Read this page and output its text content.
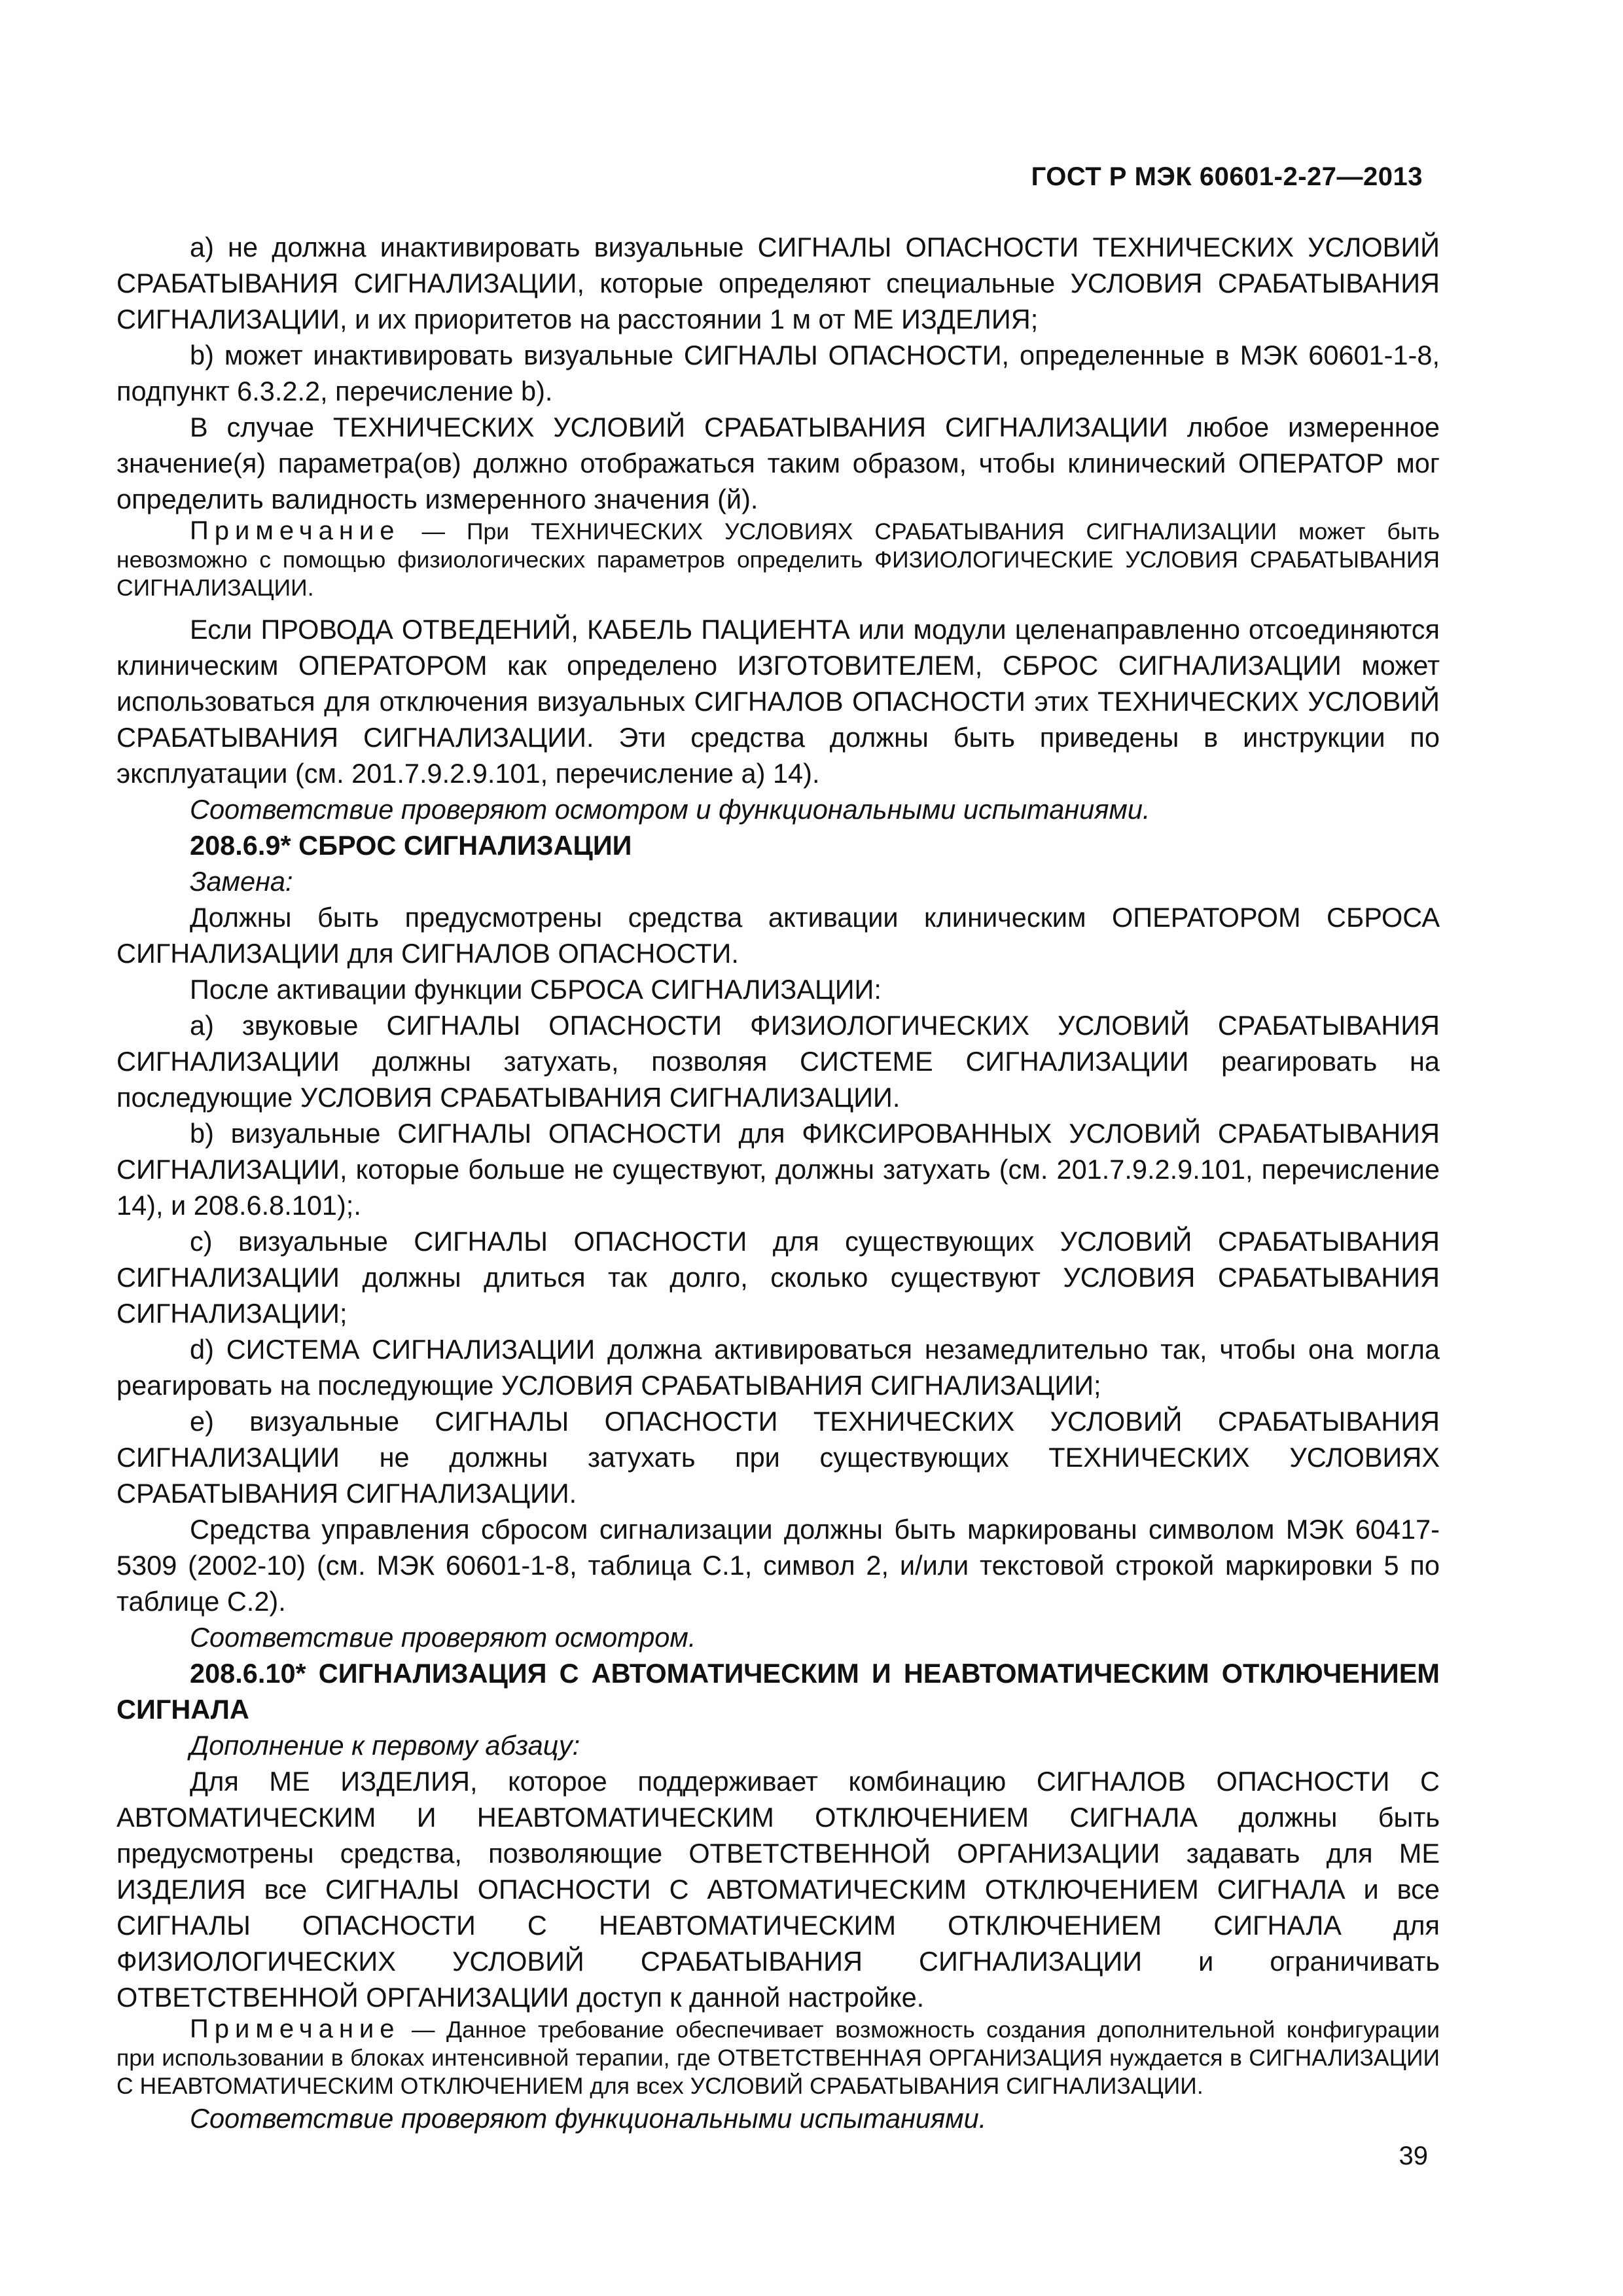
ГОСТ Р МЭК 60601-2-27—2013

а) не должна инактивировать визуальные СИГНАЛЫ ОПАСНОСТИ ТЕХНИЧЕСКИХ УСЛОВИЙ СРАБАТЫВАНИЯ СИГНАЛИЗАЦИИ, которые определяют специальные УСЛОВИЯ СРАБАТЫВАНИЯ СИГНАЛИЗАЦИИ, и их приоритетов на расстоянии 1 м от МЕ ИЗДЕЛИЯ;

b) может инактивировать визуальные СИГНАЛЫ ОПАСНОСТИ, определенные в МЭК 60601-1-8, подпункт 6.3.2.2, перечисление b).

В случае ТЕХНИЧЕСКИХ УСЛОВИЙ СРАБАТЫВАНИЯ СИГНАЛИЗАЦИИ любое измеренное значение(я) параметра(ов) должно отображаться таким образом, чтобы клинический ОПЕРАТОР мог определить валидность измеренного значения (й).

Примечание — При ТЕХНИЧЕСКИХ УСЛОВИЯХ СРАБАТЫВАНИЯ СИГНАЛИЗАЦИИ может быть невозможно с помощью физиологических параметров определить ФИЗИОЛОГИЧЕСКИЕ УСЛОВИЯ СРАБАТЫВАНИЯ СИГНАЛИЗАЦИИ.

Если ПРОВОДА ОТВЕДЕНИЙ, КАБЕЛЬ ПАЦИЕНТА или модули целенаправленно отсоединяются клиническим ОПЕРАТОРОМ как определено ИЗГОТОВИТЕЛЕМ, СБРОС СИГНАЛИЗАЦИИ может использоваться для отключения визуальных СИГНАЛОВ ОПАСНОСТИ этих ТЕХНИЧЕСКИХ УСЛОВИЙ СРАБАТЫВАНИЯ СИГНАЛИЗАЦИИ. Эти средства должны быть приведены в инструкции по эксплуатации (см. 201.7.9.2.9.101, перечисление а) 14).

Соответствие проверяют осмотром и функциональными испытаниями.

208.6.9* СБРОС СИГНАЛИЗАЦИИ

Замена:

Должны быть предусмотрены средства активации клиническим ОПЕРАТОРОМ СБРОСА СИГНАЛИЗАЦИИ для СИГНАЛОВ ОПАСНОСТИ.

После активации функции СБРОСА СИГНАЛИЗАЦИИ:

а) звуковые СИГНАЛЫ ОПАСНОСТИ ФИЗИОЛОГИЧЕСКИХ УСЛОВИЙ СРАБАТЫВАНИЯ СИГНАЛИЗАЦИИ должны затухать, позволяя СИСТЕМЕ СИГНАЛИЗАЦИИ реагировать на последующие УСЛОВИЯ СРАБАТЫВАНИЯ СИГНАЛИЗАЦИИ.

b) визуальные СИГНАЛЫ ОПАСНОСТИ для ФИКСИРОВАННЫХ УСЛОВИЙ СРАБАТЫВАНИЯ СИГНАЛИЗАЦИИ, которые больше не существуют, должны затухать (см. 201.7.9.2.9.101, перечисление 14), и 208.6.8.101);.

с) визуальные СИГНАЛЫ ОПАСНОСТИ для существующих УСЛОВИЙ СРАБАТЫВАНИЯ СИГНАЛИЗАЦИИ должны длиться так долго, сколько существуют УСЛОВИЯ СРАБАТЫВАНИЯ СИГНАЛИЗАЦИИ;

d) СИСТЕМА СИГНАЛИЗАЦИИ должна активироваться незамедлительно так, чтобы она могла реагировать на последующие УСЛОВИЯ СРАБАТЫВАНИЯ СИГНАЛИЗАЦИИ;

е) визуальные СИГНАЛЫ ОПАСНОСТИ ТЕХНИЧЕСКИХ УСЛОВИЙ СРАБАТЫВАНИЯ СИГНАЛИЗАЦИИ не должны затухать при существующих ТЕХНИЧЕСКИХ УСЛОВИЯХ СРАБАТЫВАНИЯ СИГНАЛИЗАЦИИ.

Средства управления сбросом сигнализации должны быть маркированы символом МЭК 60417-5309 (2002-10) (см. МЭК 60601-1-8, таблица С.1, символ 2, и/или текстовой строкой маркировки 5 по таблице С.2).

Соответствие проверяют осмотром.

208.6.10* СИГНАЛИЗАЦИЯ С АВТОМАТИЧЕСКИМ И НЕАВТОМАТИЧЕСКИМ ОТКЛЮЧЕНИЕМ СИГНАЛА

Дополнение к первому абзацу:

Для МЕ ИЗДЕЛИЯ, которое поддерживает комбинацию СИГНАЛОВ ОПАСНОСТИ С АВТОМАТИЧЕСКИМ И НЕАВТОМАТИЧЕСКИМ ОТКЛЮЧЕНИЕМ СИГНАЛА должны быть предусмотрены средства, позволяющие ОТВЕТСТВЕННОЙ ОРГАНИЗАЦИИ задавать для МЕ ИЗДЕЛИЯ все СИГНАЛЫ ОПАСНОСТИ С АВТОМАТИЧЕСКИМ ОТКЛЮЧЕНИЕМ СИГНАЛА и все СИГНАЛЫ ОПАСНОСТИ С НЕАВТОМАТИЧЕСКИМ ОТКЛЮЧЕНИЕМ СИГНАЛА для ФИЗИОЛОГИЧЕСКИХ УСЛОВИЙ СРАБАТЫВАНИЯ СИГНАЛИЗАЦИИ и ограничивать ОТВЕТСТВЕННОЙ ОРГАНИЗАЦИИ доступ к данной настройке.

Примечание — Данное требование обеспечивает возможность создания дополнительной конфигурации при использовании в блоках интенсивной терапии, где ОТВЕТСТВЕННАЯ ОРГАНИЗАЦИЯ нуждается в СИГНАЛИЗАЦИИ С НЕАВТОМАТИЧЕСКИМ ОТКЛЮЧЕНИЕМ для всех УСЛОВИЙ СРАБАТЫВАНИЯ СИГНАЛИЗАЦИИ.

Соответствие проверяют функциональными испытаниями.

39
